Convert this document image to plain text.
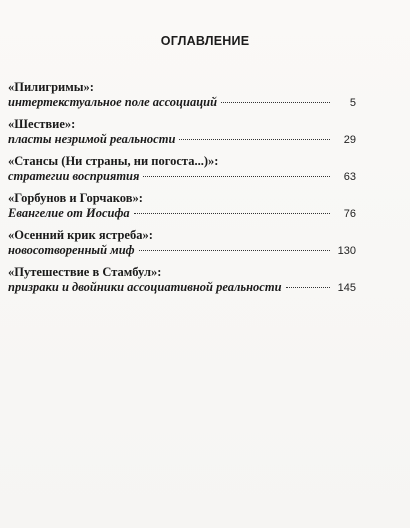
ОГЛАВЛЕНИЕ
«Пилигримы»:
интертекстуальное поле ассоциаций	5
«Шествие»:
пласты незримой реальности	29
«Стансы (Ни страны, ни погоста...)»:
стратегии восприятия	63
«Горбунов и Горчаков»:
Евангелие от Иосифа	76
«Осенний крик ястреба»:
новосотворенный миф	130
«Путешествие в Стамбул»:
призраки и двойники ассоциативной реальности	145
